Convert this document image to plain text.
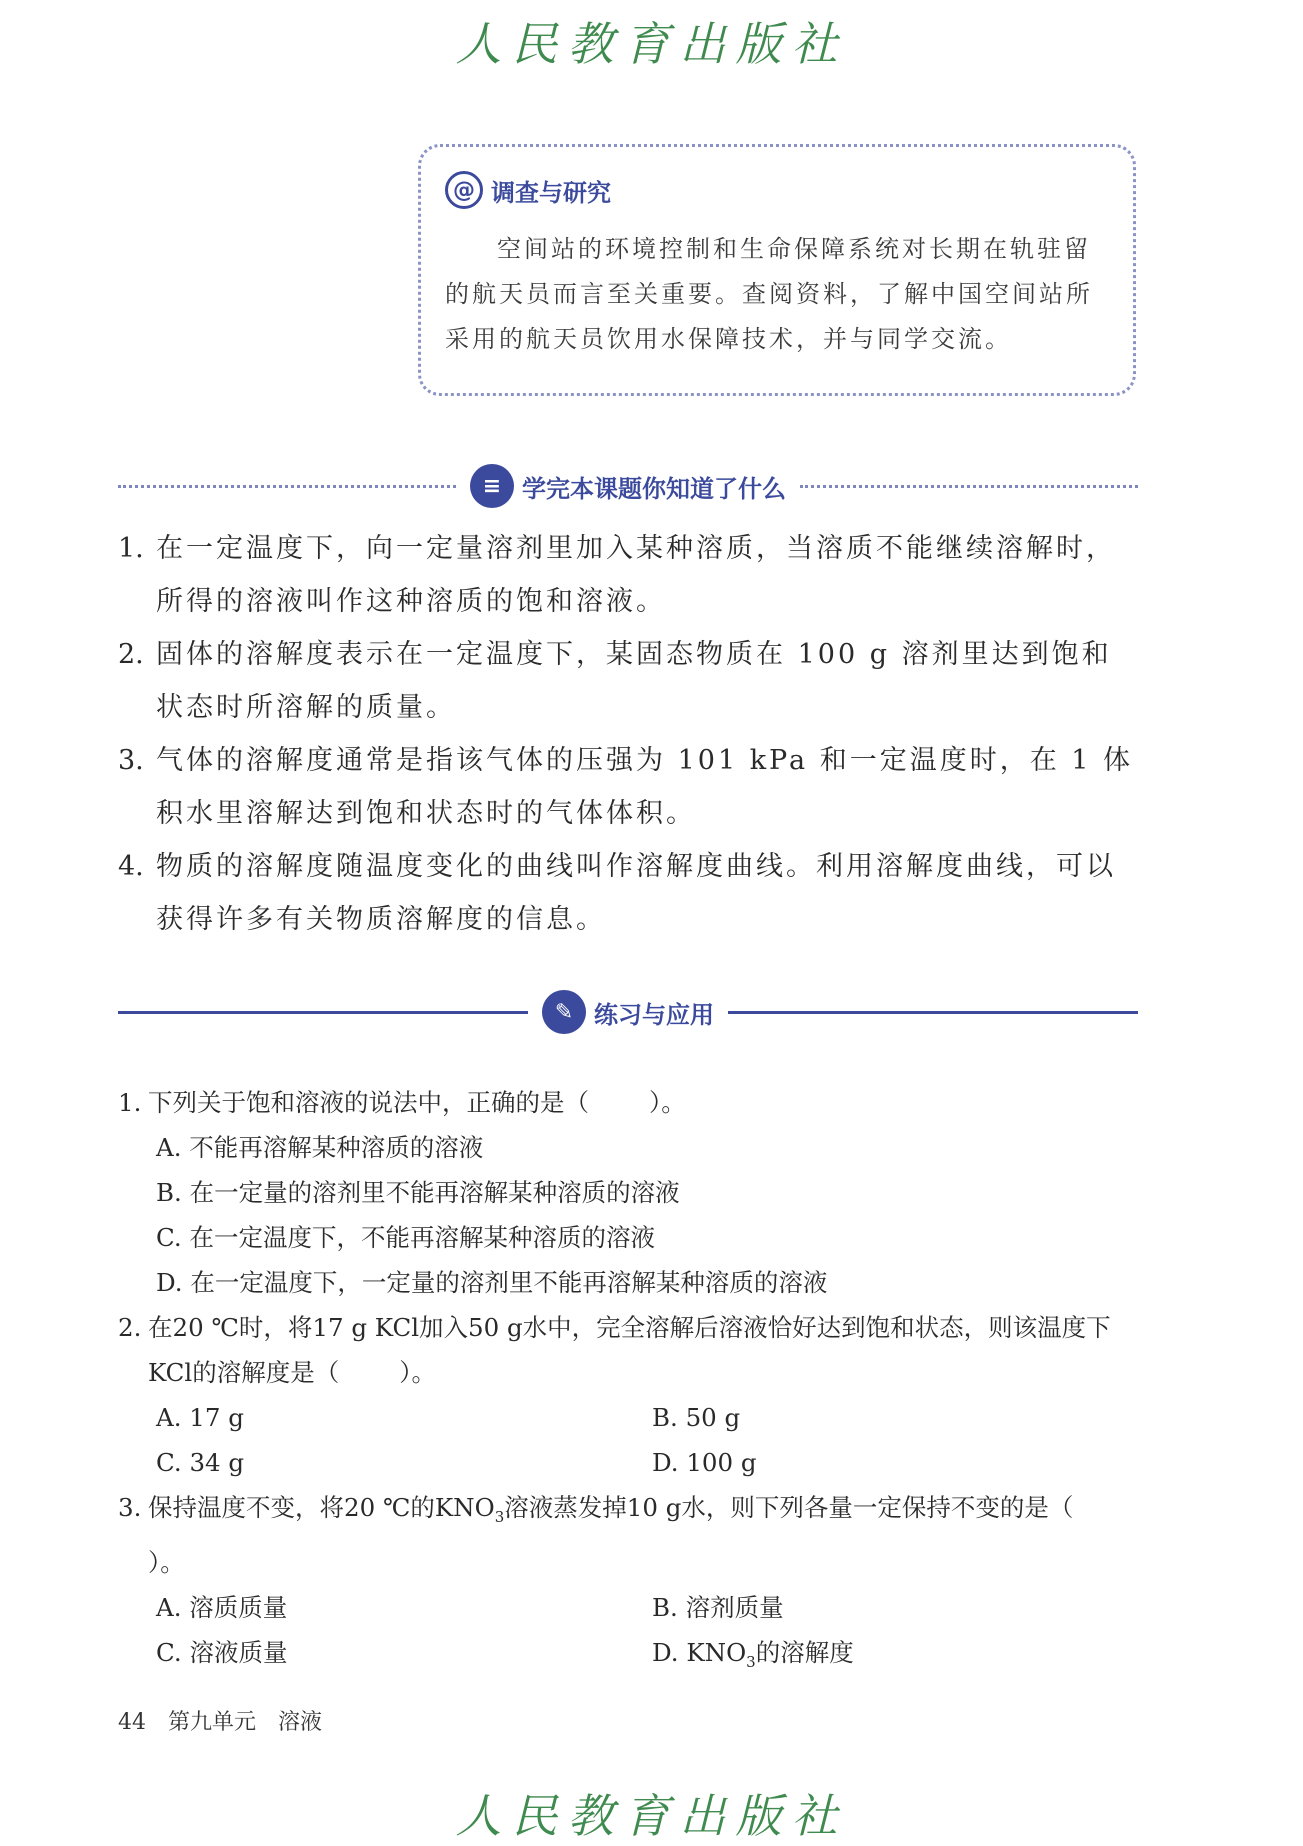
人民教育出版社
@ 调查与研究
空间站的环境控制和生命保障系统对长期在轨驻留的航天员而言至关重要。查阅资料，了解中国空间站所采用的航天员饮用水保障技术，并与同学交流。
≡ 学完本课题你知道了什么
1. 在一定温度下，向一定量溶剂里加入某种溶质，当溶质不能继续溶解时，所得的溶液叫作这种溶质的饱和溶液。
2. 固体的溶解度表示在一定温度下，某固态物质在 100 g 溶剂里达到饱和状态时所溶解的质量。
3. 气体的溶解度通常是指该气体的压强为 101 kPa 和一定温度时，在 1 体积水里溶解达到饱和状态时的气体体积。
4. 物质的溶解度随温度变化的曲线叫作溶解度曲线。利用溶解度曲线，可以获得许多有关物质溶解度的信息。
✎ 练习与应用
1. 下列关于饱和溶液的说法中，正确的是（ ）。
A. 不能再溶解某种溶质的溶液
B. 在一定量的溶剂里不能再溶解某种溶质的溶液
C. 在一定温度下，不能再溶解某种溶质的溶液
D. 在一定温度下，一定量的溶剂里不能再溶解某种溶质的溶液
2. 在20 ℃时，将17 g KCl加入50 g水中，完全溶解后溶液恰好达到饱和状态，则该温度下KCl的溶解度是（ ）。
A. 17 g	B. 50 g
C. 34 g	D. 100 g
3. 保持温度不变，将20 ℃的$KNO_3$溶液蒸发掉10 g水，则下列各量一定保持不变的是（）。
A. 溶质质量	B. 溶剂质量
C. 溶液质量	D. $KNO_3$的溶解度
44 第九单元 溶液
人民教育出版社
